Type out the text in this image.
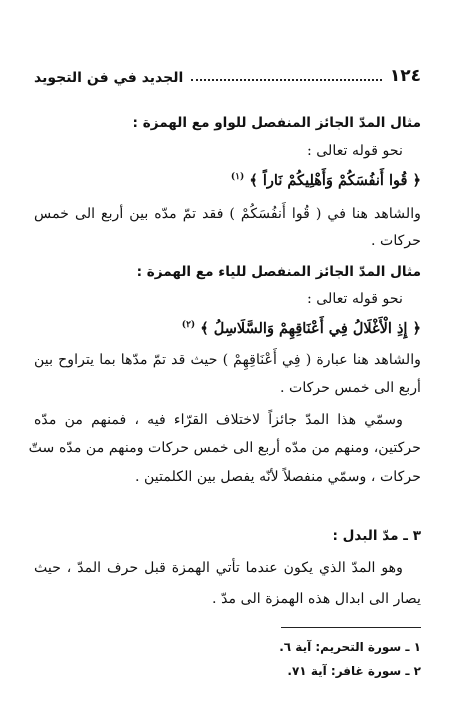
١٢٤
الجديد في فن التجويد
مثال المدّ الجائز المنفصل للواو مع الهمزة :
نحو قوله تعالى :
﴿ قُوا أَنفُسَكُمْ وَأَهْلِيكُمْ نَاراً ﴾ $^{(١)}$
والشاهد هنا في ( قُوا أَنفُسَكُمْ ) فقد تمّ مدّه بين أربع الى خمس
حركات .
مثال المدّ الجائز المنفصل للياء مع الهمزة :
نحو قوله تعالى :
﴿ إِذِ الْأَغْلَالُ فِي أَعْنَاقِهِمْ وَالسَّلَاسِلُ ﴾ $^{(٢)}$
والشاهد هنا عبارة ( فِي أَعْنَاقِهِمْ ) حيث قد تمّ مدّها بما يتراوح بين
أربع الى خمس حركات .
وسمّي هذا المدّ جائزاً لاختلاف القرّاء فيه ، فمنهم من مدّه
حركتين، ومنهم من مدّه أربع الى خمس حركات ومنهم من مدّه ستّ
حركات ، وسمّي منفصلاً لأنّه يفصل بين الكلمتين .
٣ ـ مدّ البدل :
وهو المدّ الذي يكون عندما تأتي الهمزة قبل حرف المدّ ، حيث
يصار الى ابدال هذه الهمزة الى مدّ .
١ ـ سورة التحريم: آية ٦.
٢ ـ سورة غافر: آية ٧١.
